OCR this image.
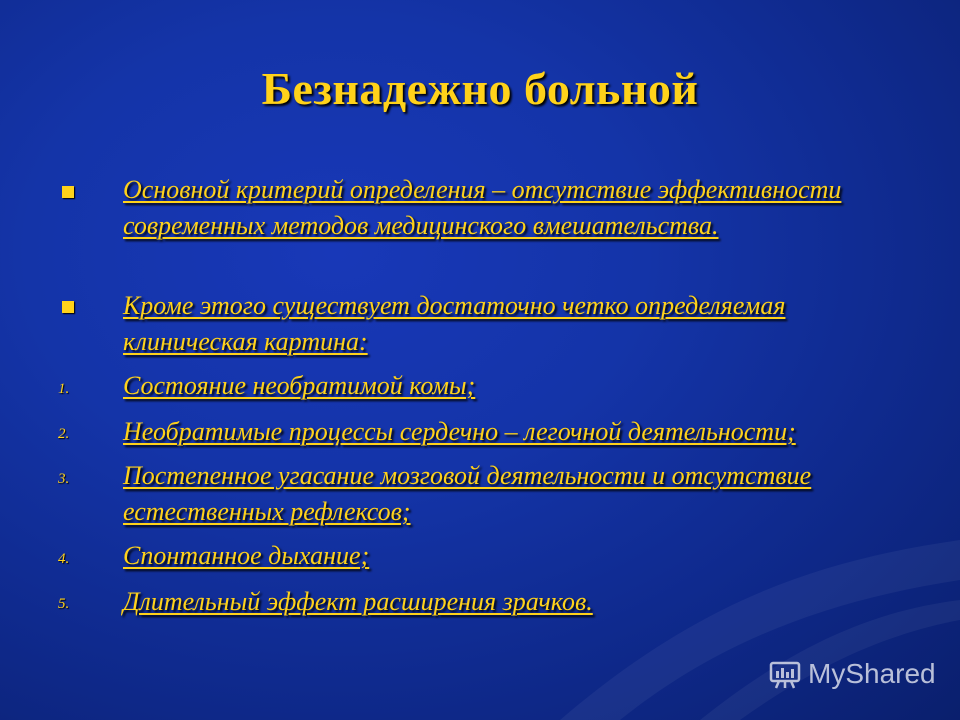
Безнадежно больной
Основной критерий определения – отсутствие эффективности современных методов медицинского вмешательства.
Кроме этого существует достаточно четко определяемая клиническая картина:
1. Состояние необратимой комы;
2. Необратимые процессы сердечно – легочной деятельности;
3. Постепенное угасание мозговой деятельности и отсутствие естественных рефлексов;
4. Спонтанное дыхание;
5. Длительный эффект расширения зрачков.
MyShared
